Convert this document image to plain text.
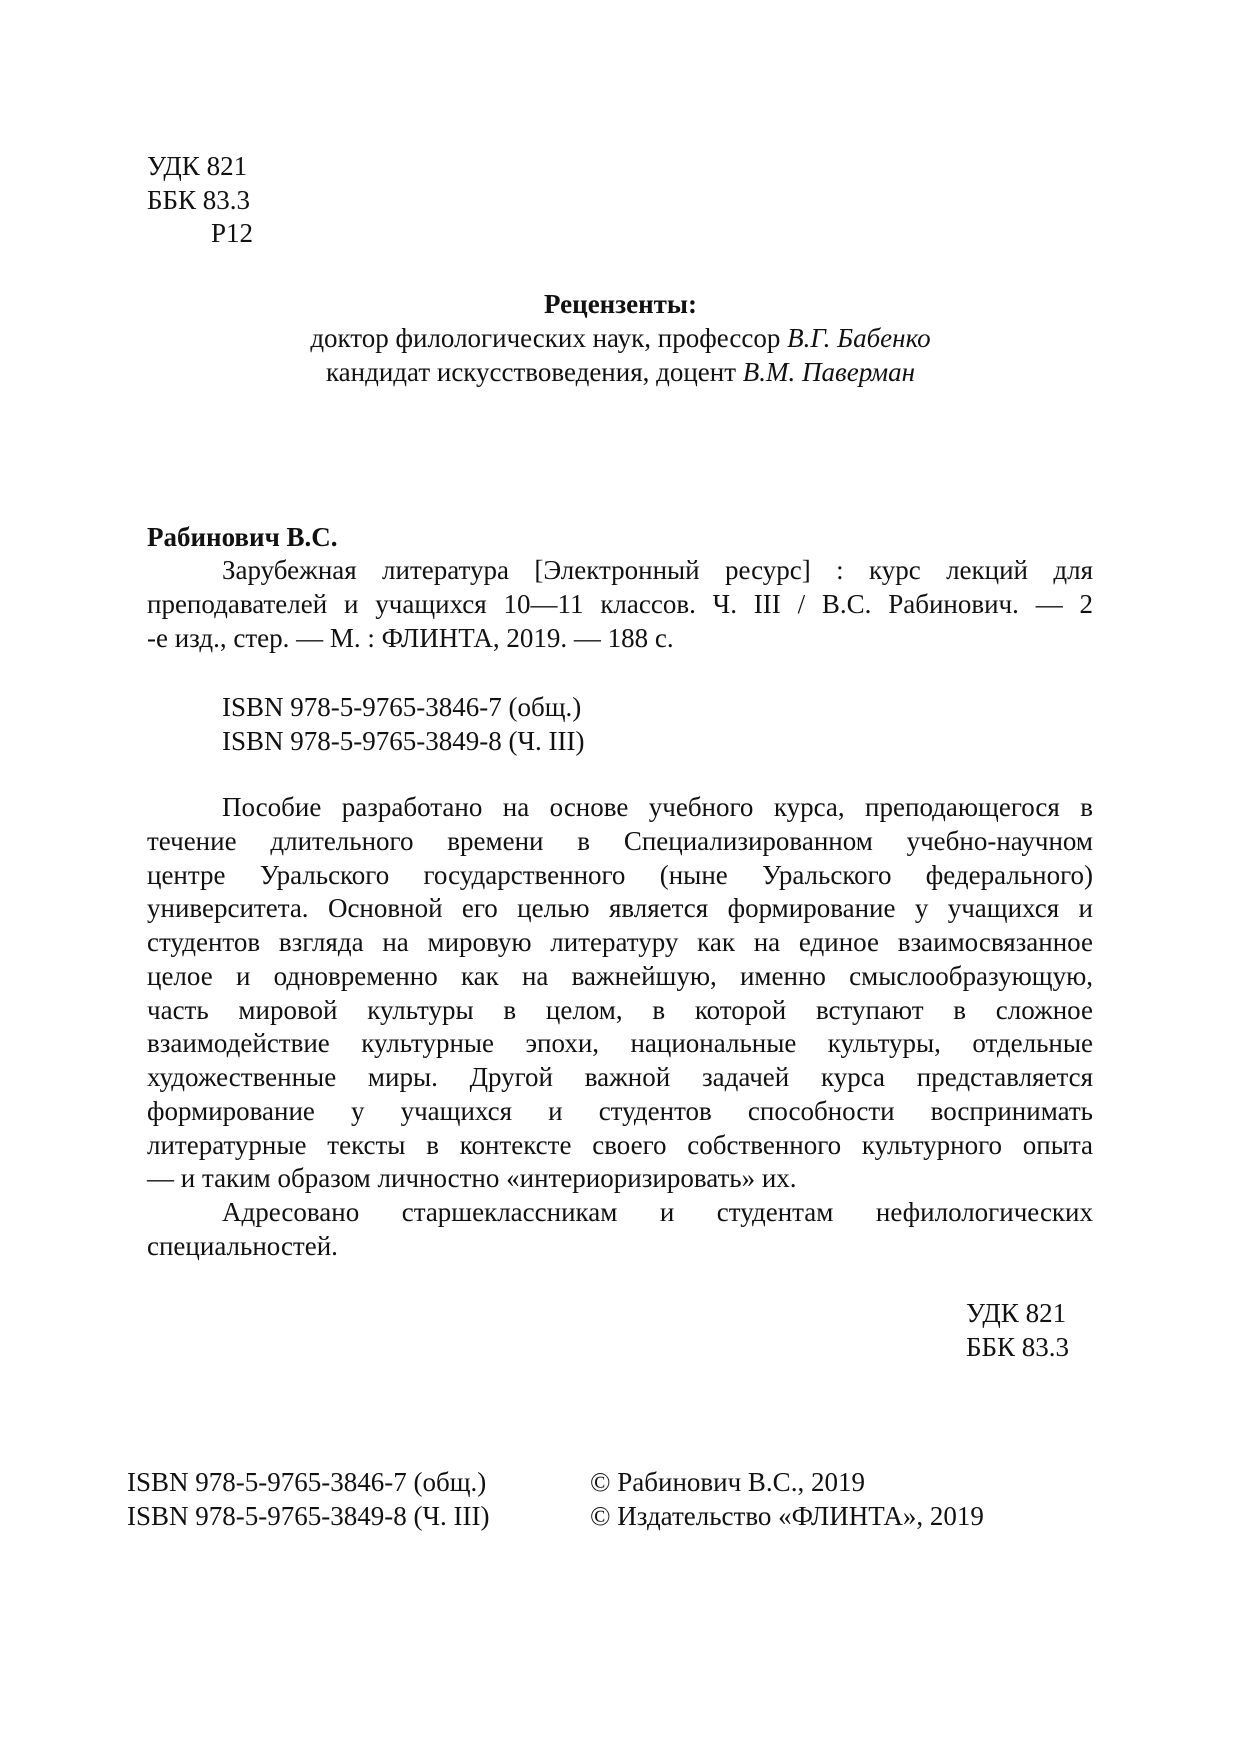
УДК 821
ББК 83.3
Р12
Рецензенты:
доктор филологических наук, профессор В.Г. Бабенко
кандидат искусствоведения, доцент В.М. Паверман
Рабинович В.С.
Зарубежная литература [Электронный ресурс] : курс лекций для
преподавателей и учащихся 10—11 классов. Ч. III / В.С. Рабинович. — 2
-е изд., стер. — М. : ФЛИНТА, 2019. — 188 с.
ISBN 978-5-9765-3846-7 (общ.)
ISBN 978-5-9765-3849-8 (Ч. III)
Пособие разработано на основе учебного курса, преподающегося в
течение длительного времени в Специализированном учебно-научном
центре Уральского государственного (ныне Уральского федерального)
университета. Основной его целью является формирование у учащихся и
студентов взгляда на мировую литературу как на единое взаимосвязанное
целое и одновременно как на важнейшую, именно смыслообразующую,
часть мировой культуры в целом, в которой вступают в сложное
взаимодействие культурные эпохи, национальные культуры, отдельные
художественные миры. Другой важной задачей курса представляется
формирование у учащихся и студентов способности воспринимать
литературные тексты в контексте своего собственного культурного опыта
— и таким образом личностно «интериоризировать» их.
Адресовано старшеклассникам и студентам нефилологических
специальностей.
УДК 821
ББК 83.3
ISBN 978-5-9765-3846-7 (общ.)
ISBN 978-5-9765-3849-8 (Ч. III)
© Рабинович В.С., 2019
© Издательство «ФЛИНТА», 2019
